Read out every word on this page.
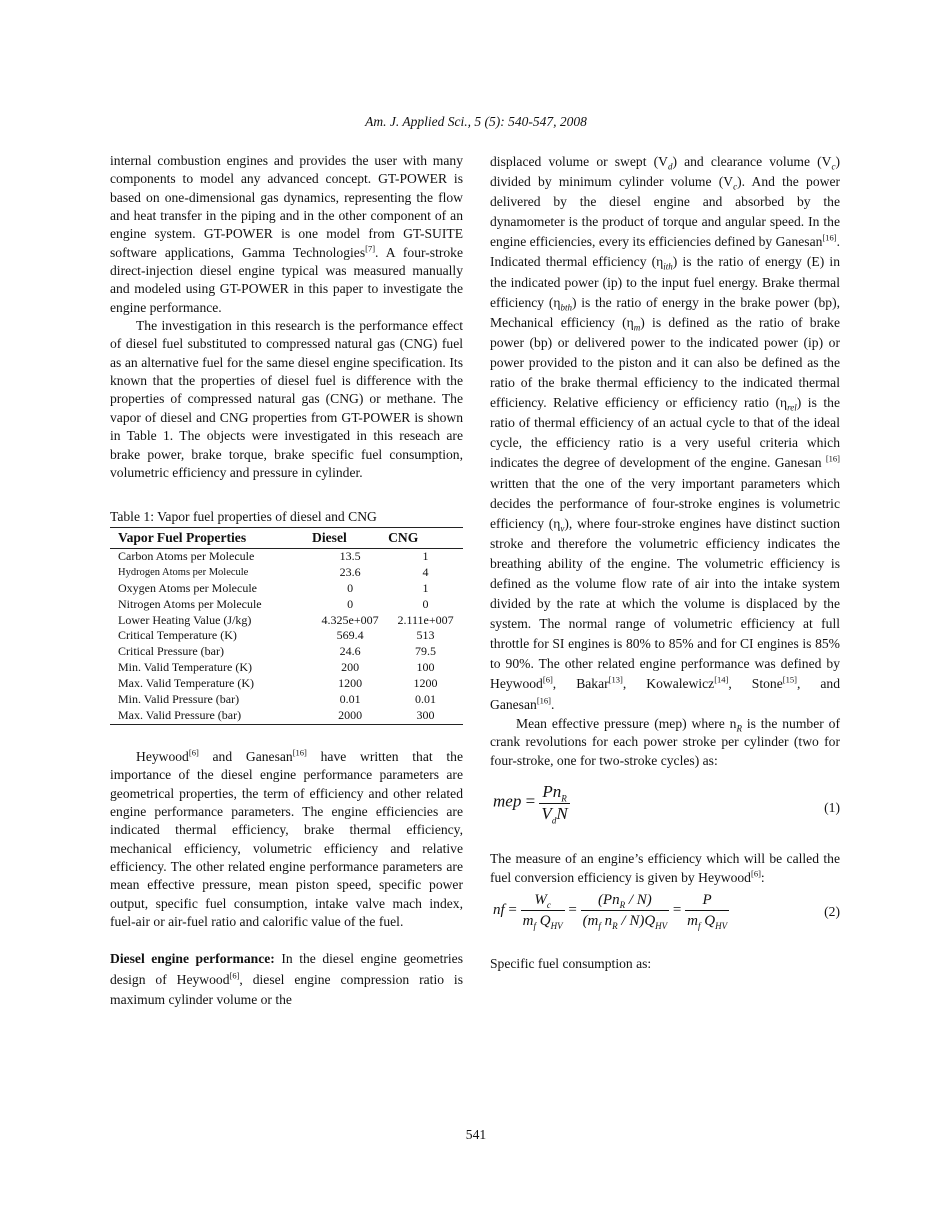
Am. J. Applied Sci., 5 (5): 540-547, 2008

internal combustion engines and provides the user with many components to model any advanced concept. GT-POWER is based on one-dimensional gas dynamics, representing the flow and heat transfer in the piping and in the other component of an engine system. GT-POWER is one model from GT-SUITE software applications, Gamma Technologies[7]. A four-stroke direct-injection diesel engine typical was measured manually and modeled using GT-POWER in this paper to investigate the engine performance.

The investigation in this research is the performance effect of diesel fuel substituted to compressed natural gas (CNG) fuel as an alternative fuel for the same diesel engine specification. Its known that the properties of diesel fuel is difference with the properties of compressed natural gas (CNG) or methane. The vapor of diesel and CNG properties from GT-POWER is shown in Table 1. The objects were investigated in this reseach are brake power, brake torque, brake specific fuel consumption, volumetric efficiency and pressure in cylinder.

Table 1: Vapor fuel properties of diesel and CNG

Vapor Fuel Properties	Diesel	CNG
Carbon Atoms per Molecule	13.5	1
Hydrogen Atoms per Molecule	23.6	4
Oxygen Atoms per Molecule	0	1
Nitrogen Atoms per Molecule	0	0
Lower Heating Value (J/kg)	4.325e+007	2.111e+007
Critical Temperature (K)	569.4	513
Critical Pressure (bar)	24.6	79.5
Min. Valid Temperature (K)	200	100
Max. Valid Temperature (K)	1200	1200
Min. Valid Pressure (bar)	0.01	0.01
Max. Valid Pressure (bar)	2000	300

Heywood[6] and Ganesan[16] have written that the importance of the diesel engine performance parameters are geometrical properties, the term of efficiency and other related engine performance parameters. The engine efficiencies are indicated thermal efficiency, brake thermal efficiency, mechanical efficiency, volumetric efficiency and relative efficiency. The other related engine performance parameters are mean effective pressure, mean piston speed, specific power output, specific fuel consumption, intake valve mach index, fuel-air or air-fuel ratio and calorific value of the fuel.

Diesel engine performance: In the diesel engine geometries design of Heywood[6], diesel engine compression ratio is maximum cylinder volume or the

displaced volume or swept $(V_d)$ and clearance volume $(V_c)$ divided by minimum cylinder volume $(V_c)$. And the power delivered by the diesel engine and absorbed by the dynamometer is the product of torque and angular speed. In the engine efficiencies, every its efficiencies defined by Ganesan[16]. Indicated thermal efficiency $(\eta_{ith})$ is the ratio of energy (E) in the indicated power (ip) to the input fuel energy. Brake thermal efficiency $(\eta_{bth})$ is the ratio of energy in the brake power (bp), Mechanical efficiency $(\eta_m)$ is defined as the ratio of brake power (bp) or delivered power to the indicated power (ip) or power provided to the piston and it can also be defined as the ratio of the brake thermal efficiency to the indicated thermal efficiency. Relative efficiency or efficiency ratio $(\eta_{rel})$ is the ratio of thermal efficiency of an actual cycle to that of the ideal cycle, the efficiency ratio is a very useful criteria which indicates the degree of development of the engine. Ganesan [16] written that the one of the very important parameters which decides the performance of four-stroke engines is volumetric efficiency $(\eta_v)$, where four-stroke engines have distinct suction stroke and therefore the volumetric efficiency indicates the breathing ability of the engine. The volumetric efficiency is defined as the volume flow rate of air into the intake system divided by the rate at which the volume is displaced by the system. The normal range of volumetric efficiency at full throttle for SI engines is 80% to 85% and for CI engines is 85% to 90%. The other related engine performance was defined by Heywood[6], Bakar[13], Kowalewicz[14], Stone[15], and Ganesan[16].

Mean effective pressure (mep) where $n_R$ is the number of crank revolutions for each power stroke per cylinder (two for four-stroke, one for two-stroke cycles) as:

mep = $\frac{Pn_R}{V_dN}$	(1)

The measure of an engine’s efficiency which will be called the fuel conversion efficiency is given by Heywood[6]:

nf = $\frac{W_c}{m_f Q_{HV}} = \frac{(Pn_R / N)}{(m_f n_R / N)Q_{HV}} = \frac{P}{m_f Q_{HV}}$	(2)

Specific fuel consumption as:

541
